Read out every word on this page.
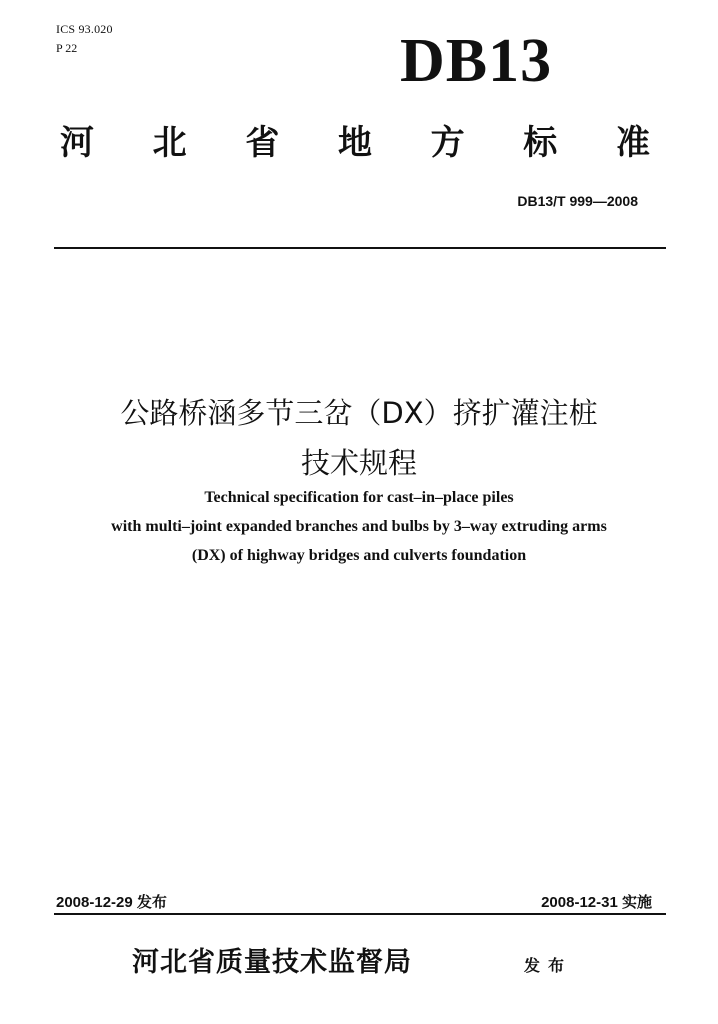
ICS 93.020
P 22	DB13
河 北 省 地 方 标 准
DB13/T 999—2008
公路桥涵多节三岔（DX）挤扩灌注桩
技术规程
Technical specification for cast–in–place piles
with multi–joint expanded branches and bulbs by 3–way extruding arms
(DX) of highway bridges and culverts foundation
2008-12-29 发布	2008-12-31 实施
河北省质量技术监督局	发布
